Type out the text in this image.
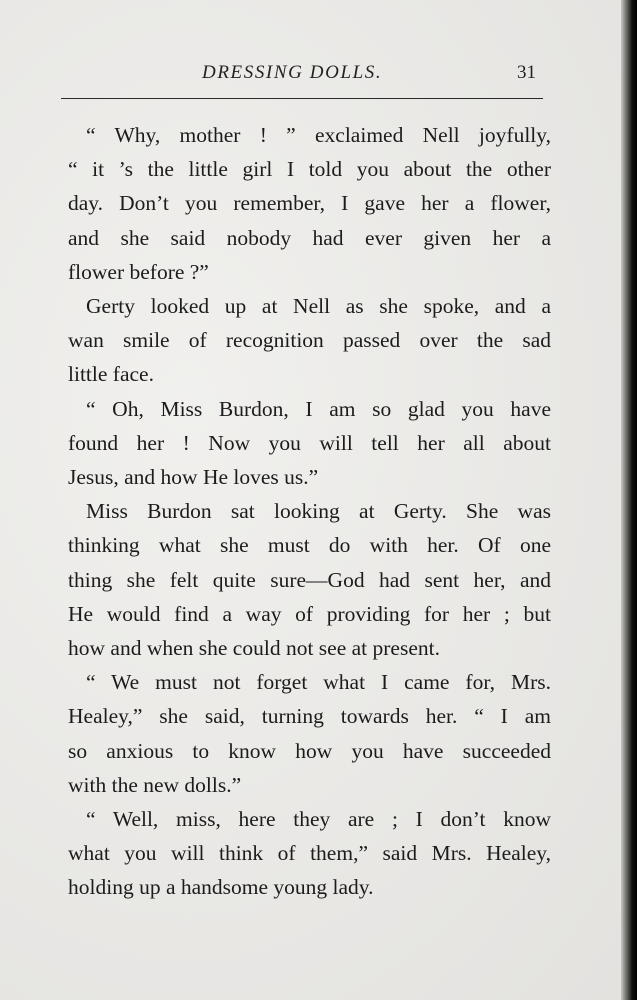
DRESSING DOLLS.	31
“ Why, mother ! ” exclaimed Nell joyfully,
“ it ’s the little girl I told you about the other
day. Don’t you remember, I gave her a flower,
and she said nobody had ever given her a
flower before ?”
Gerty looked up at Nell as she spoke, and a
wan smile of recognition passed over the sad
little face.
“ Oh, Miss Burdon, I am so glad you have
found her ! Now you will tell her all about
Jesus, and how He loves us.”
Miss Burdon sat looking at Gerty. She was
thinking what she must do with her. Of one
thing she felt quite sure—God had sent her, and
He would find a way of providing for her ; but
how and when she could not see at present.
“ We must not forget what I came for, Mrs.
Healey,” she said, turning towards her. “ I am
so anxious to know how you have succeeded
with the new dolls.”
“ Well, miss, here they are ; I don’t know
what you will think of them,” said Mrs. Healey,
holding up a handsome young lady.
